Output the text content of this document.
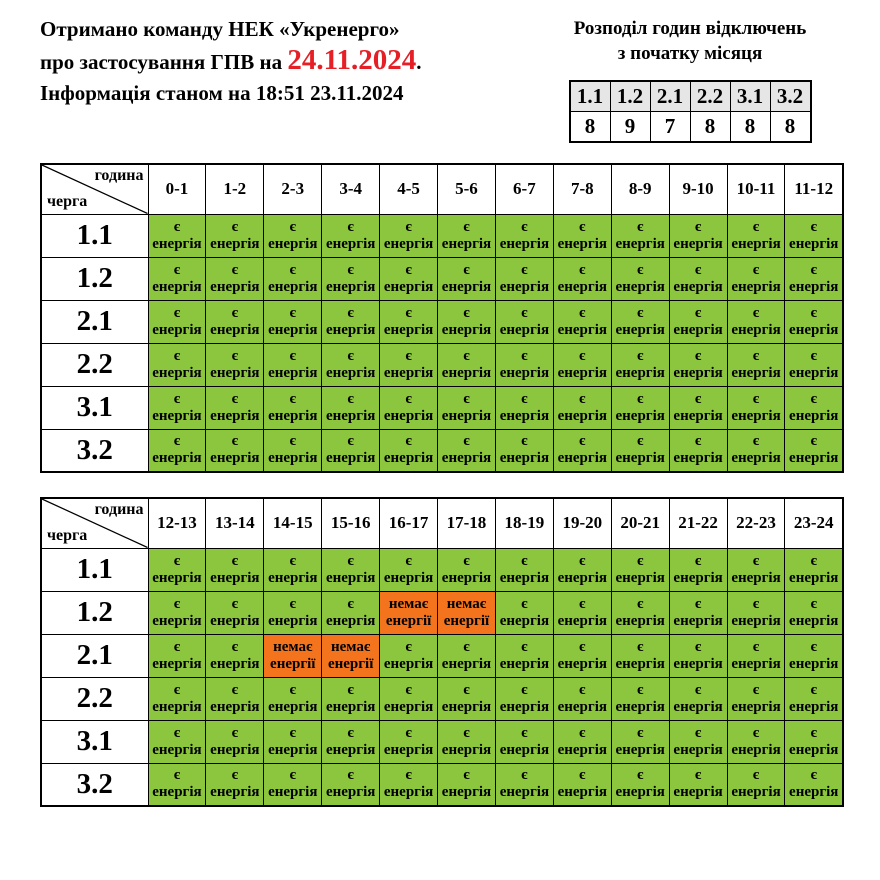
Отримано команду НЕК «Укренерго»
про застосування ГПВ на 24.11.2024.
Інформація станом на 18:51 23.11.2024
Розподіл годин відключень
з початку місяця
1.1	1.2	2.1	2.2	3.1	3.2
8	9	7	8	8	8
година
черга	0-1	1-2	2-3	3-4	4-5	5-6	6-7	7-8	8-9	9-10	10-11	11-12
1.1	є
енергія	є
енергія	є
енергія	є
енергія	є
енергія	є
енергія	є
енергія	є
енергія	є
енергія	є
енергія	є
енергія	є
енергія

1.2	є
енергія	є
енергія	є
енергія	є
енергія	є
енергія	є
енергія	є
енергія	є
енергія	є
енергія	є
енергія	є
енергія	є
енергія

2.1	є
енергія	є
енергія	є
енергія	є
енергія	є
енергія	є
енергія	є
енергія	є
енергія	є
енергія	є
енергія	є
енергія	є
енергія

2.2	є
енергія	є
енергія	є
енергія	є
енергія	є
енергія	є
енергія	є
енергія	є
енергія	є
енергія	є
енергія	є
енергія	є
енергія

3.1	є
енергія	є
енергія	є
енергія	є
енергія	є
енергія	є
енергія	є
енергія	є
енергія	є
енергія	є
енергія	є
енергія	є
енергія

3.2	є
енергія	є
енергія	є
енергія	є
енергія	є
енергія	є
енергія	є
енергія	є
енергія	є
енергія	є
енергія	є
енергія	є
енергія
година
черга	12-13	13-14	14-15	15-16	16-17	17-18	18-19	19-20	20-21	21-22	22-23	23-24
1.1	є
енергія	є
енергія	є
енергія	є
енергія	є
енергія	є
енергія	є
енергія	є
енергія	є
енергія	є
енергія	є
енергія	є
енергія

1.2	є
енергія	є
енергія	є
енергія	є
енергія	немає
енергії	немає
енергії	є
енергія	є
енергія	є
енергія	є
енергія	є
енергія	є
енергія

2.1	є
енергія	є
енергія	немає
енергії	немає
енергії	є
енергія	є
енергія	є
енергія	є
енергія	є
енергія	є
енергія	є
енергія	є
енергія

2.2	є
енергія	є
енергія	є
енергія	є
енергія	є
енергія	є
енергія	є
енергія	є
енергія	є
енергія	є
енергія	є
енергія	є
енергія

3.1	є
енергія	є
енергія	є
енергія	є
енергія	є
енергія	є
енергія	є
енергія	є
енергія	є
енергія	є
енергія	є
енергія	є
енергія

3.2	є
енергія	є
енергія	є
енергія	є
енергія	є
енергія	є
енергія	є
енергія	є
енергія	є
енергія	є
енергія	є
енергія	є
енергія
